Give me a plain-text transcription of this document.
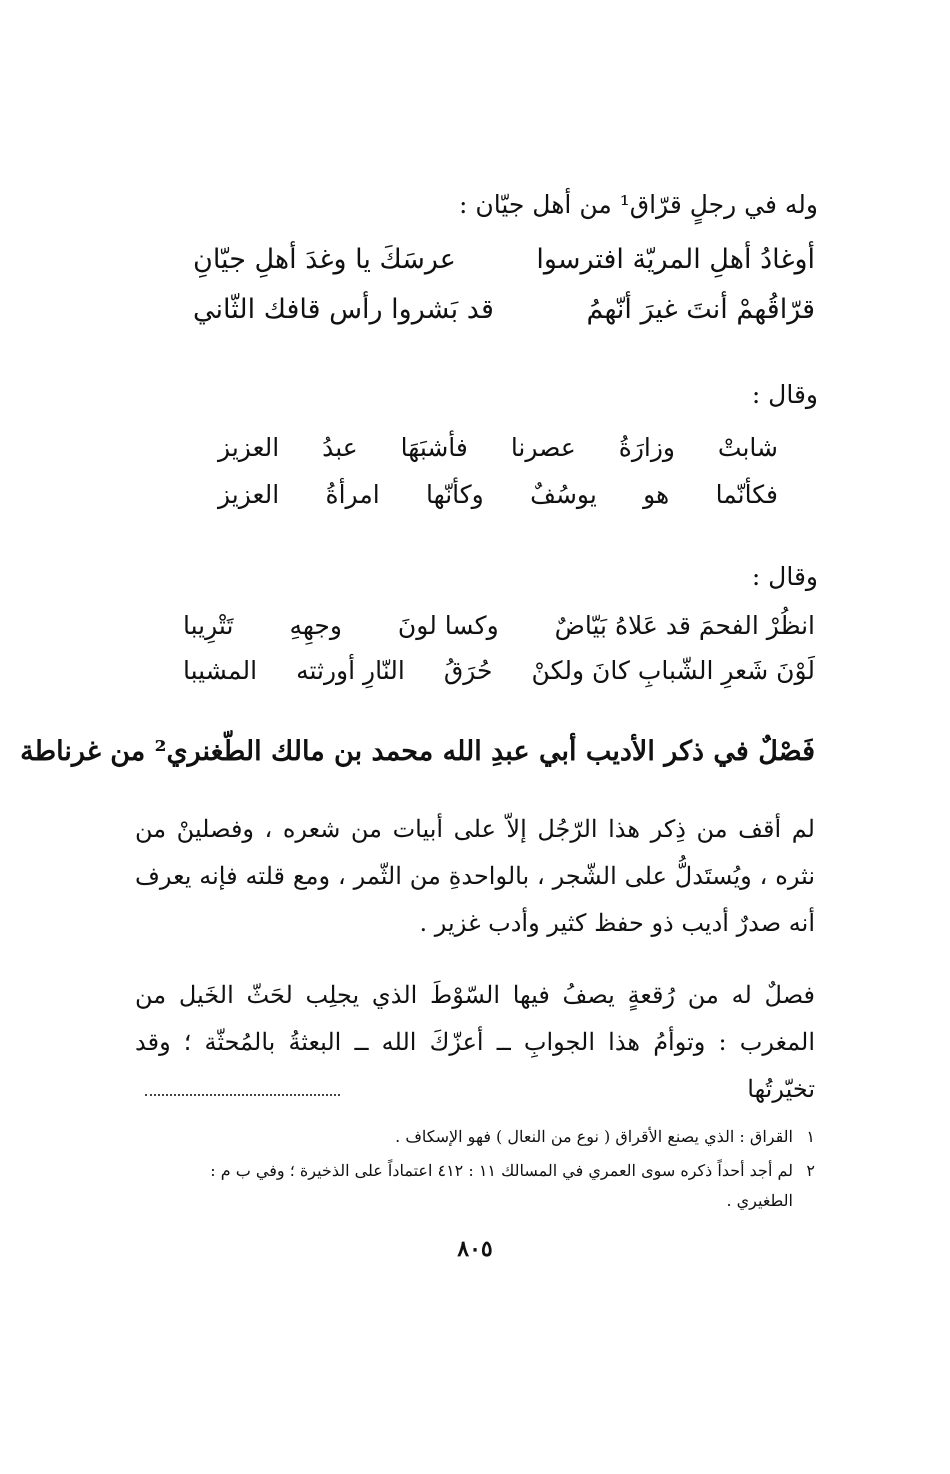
وله في رجلٍ قرّاق¹ من أهل جيّان :
أوغادُ أهلِ المريّة افترسوا
عرسَكَ يا وغدَ أهلِ جيّانِ
قرّاقُهمْ أنتَ غيرَ أنّهمُ
قد بَشروا رأس قافك الثّاني
وقال :
شابتْ
وزارَةُ
عصرنا
فأشبَهَا
عبدُ
العزيز
فكأنّما
هو
يوسُفٌ
وكأنّها
امرأةُ
العزيز
وقال :
انظُرْ الفحمَ قد عَلاهُ بَيّاضٌ
وكسا لونَ
وجهِهِ
تَتْرِيبا
لَوْنَ شَعرِ الشّبابِ كانَ ولكنْ
حُرَقُ
النّارِ أورثته
المشيبا
فَصْلٌ في ذكر الأديب أبي عبدِ الله محمد بن مالك الطّغنري² من غرناطة
لم أقف من ذِكر هذا الرّجُل إلاّ على أبيات من شعره ، وفصلينْ من نثره ، ويُستَدلُّ على الشّجر ، بالواحدةِ من الثّمر ، ومع قلته فإنه يعرف أنه صدرٌ أديب ذو حفظ كثير وأدب غزير .
فصلٌ له من رُقعةٍ يصفُ فيها السّوْطَ الذي يجلِب لحَثّ الخَيل من المغرب : وتوأمُ هذا الجوابِ ــ أعزّكَ الله ــ البعثةُ بالمُحثّة ؛ وقد تخيّرتُها
١القراق : الذي يصنع الأقراق ( نوع من النعال ) فهو الإسكاف .
٢لم أجد أحداً ذكره سوى العمري في المسالك ١١ : ٤١٢ اعتماداً على الذخيرة ؛ وفي ب م :
الطغيري .
٨٠٥
